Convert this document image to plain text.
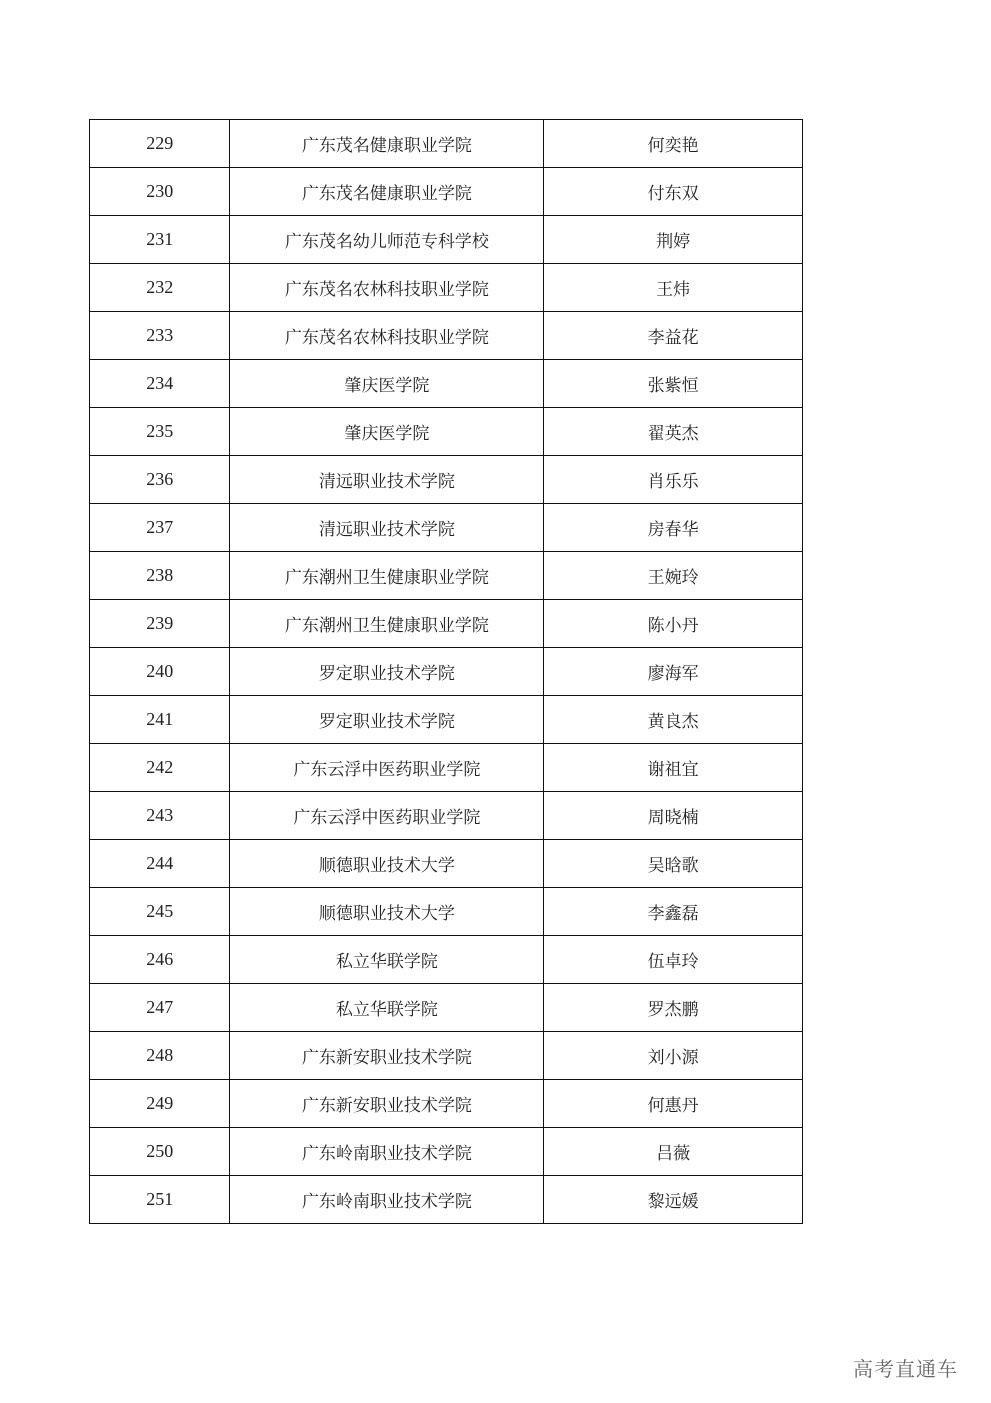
229	广东茂名健康职业学院	何奕艳
230	广东茂名健康职业学院	付东双
231	广东茂名幼儿师范专科学校	荆婷
232	广东茂名农林科技职业学院	王炜
233	广东茂名农林科技职业学院	李益花
234	肇庆医学院	张紫恒
235	肇庆医学院	翟英杰
236	清远职业技术学院	肖乐乐
237	清远职业技术学院	房春华
238	广东潮州卫生健康职业学院	王婉玲
239	广东潮州卫生健康职业学院	陈小丹
240	罗定职业技术学院	廖海军
241	罗定职业技术学院	黄良杰
242	广东云浮中医药职业学院	谢祖宜
243	广东云浮中医药职业学院	周晓楠
244	顺德职业技术大学	吴晗歌
245	顺德职业技术大学	李鑫磊
246	私立华联学院	伍卓玲
247	私立华联学院	罗杰鹏
248	广东新安职业技术学院	刘小源
249	广东新安职业技术学院	何惠丹
250	广东岭南职业技术学院	吕薇
251	广东岭南职业技术学院	黎远媛
高考直通车
